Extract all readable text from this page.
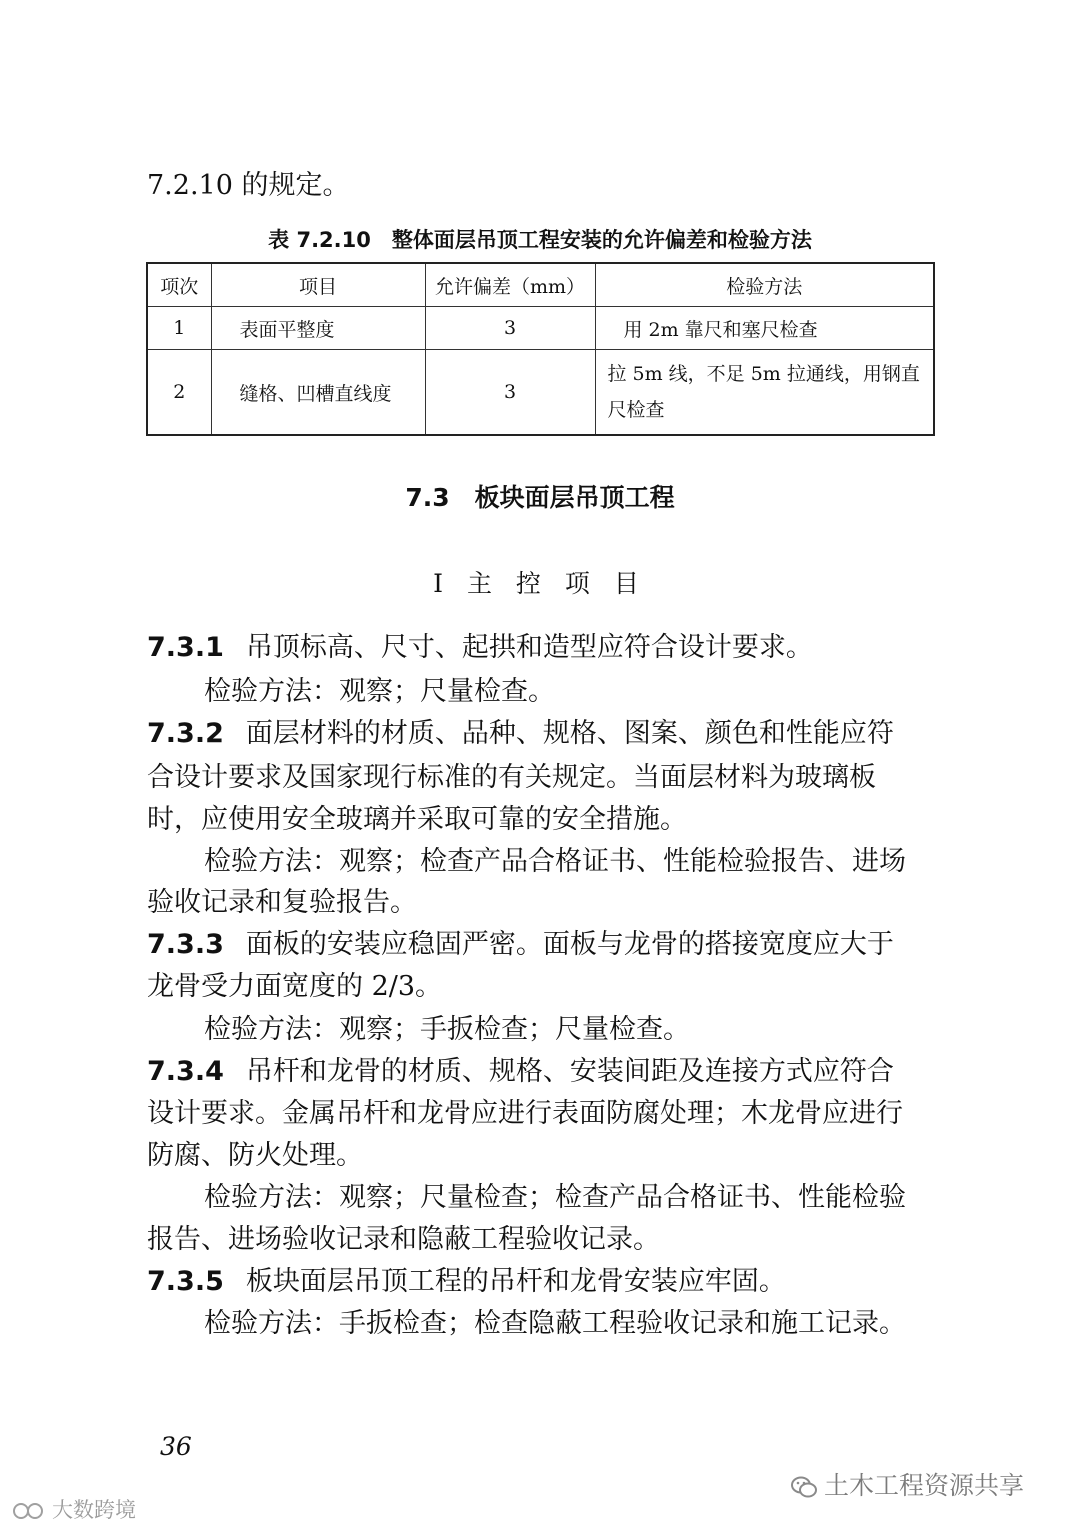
7.2.10 的规定。
表 7.2.10　整体面层吊顶工程安装的允许偏差和检验方法
项次	项目	允许偏差（mm）	检验方法
1	表面平整度	3	用 2m 靠尺和塞尺检查
2	缝格、凹槽直线度	3	拉 5m 线，不足 5m 拉通线，用钢直尺检查
7.3　板块面层吊顶工程
Ⅰ 主 控 项 目
7.3.1 吊顶标高、尺寸、起拱和造型应符合设计要求。
检验方法：观察；尺量检查。
7.3.2 面层材料的材质、品种、规格、图案、颜色和性能应符
合设计要求及国家现行标准的有关规定。当面层材料为玻璃板
时，应使用安全玻璃并采取可靠的安全措施。
检验方法：观察；检查产品合格证书、性能检验报告、进场
验收记录和复验报告。
7.3.3 面板的安装应稳固严密。面板与龙骨的搭接宽度应大于
龙骨受力面宽度的 2/3。
检验方法：观察；手扳检查；尺量检查。
7.3.4 吊杆和龙骨的材质、规格、安装间距及连接方式应符合
设计要求。金属吊杆和龙骨应进行表面防腐处理；木龙骨应进行
防腐、防火处理。
检验方法：观察；尺量检查；检查产品合格证书、性能检验
报告、进场验收记录和隐蔽工程验收记录。
7.3.5 板块面层吊顶工程的吊杆和龙骨安装应牢固。
检验方法：手扳检查；检查隐蔽工程验收记录和施工记录。
36
土木工程资源共享
大数跨境
